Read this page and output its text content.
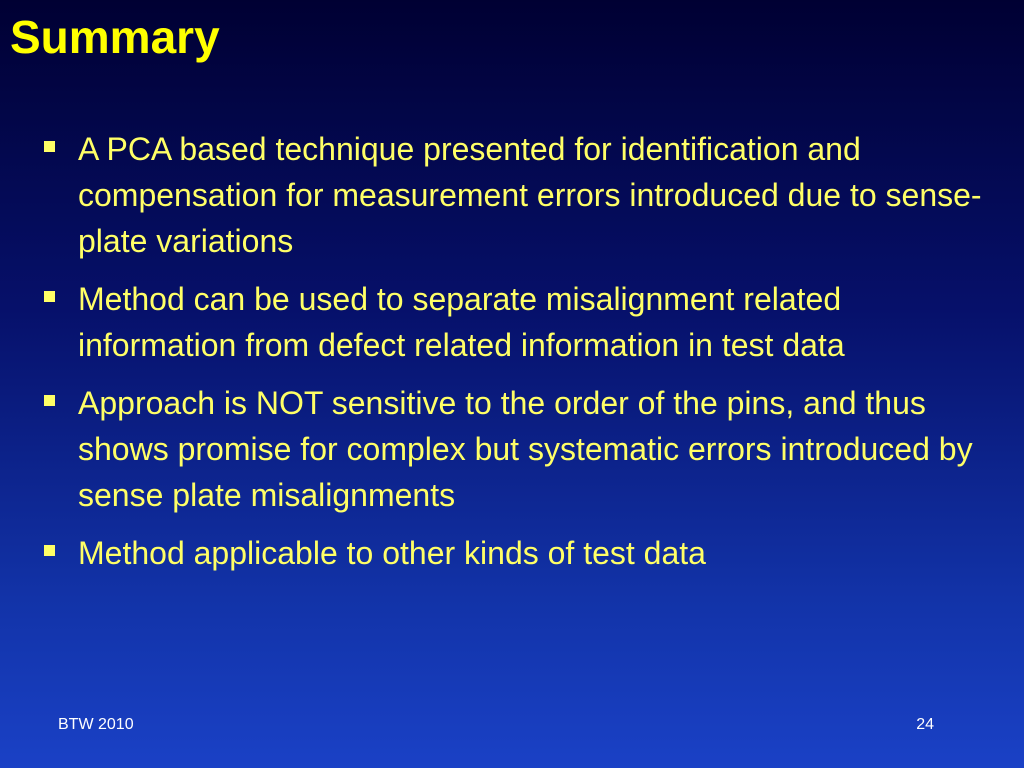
Summary
A PCA based technique presented for identification and compensation for measurement errors introduced due to sense-plate variations
Method can be used to separate misalignment related information from defect related information in test data
Approach is NOT sensitive to the order of the pins, and thus shows promise for complex but systematic errors introduced by sense plate misalignments
Method applicable to other kinds of test data
BTW 2010	24
